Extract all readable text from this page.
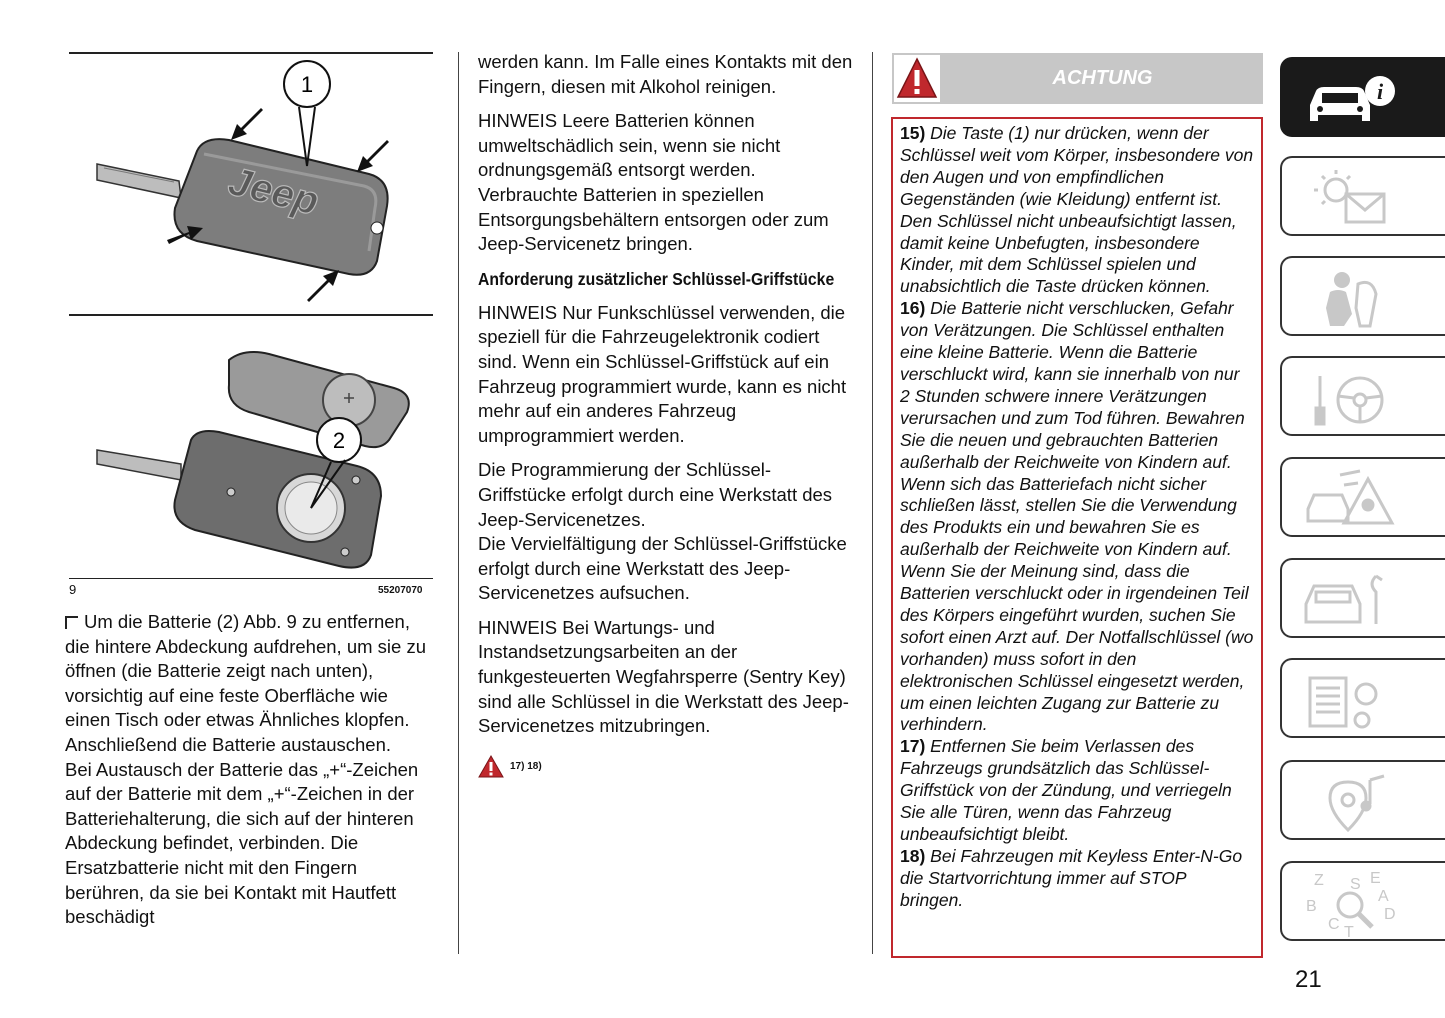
Jeep
1
2
9	55207070
Um die Batterie (2) Abb. 9 zu entfernen, die hintere Abdeckung aufdrehen, um sie zu öffnen (die Batterie zeigt nach unten), vorsichtig auf eine feste Oberfläche wie einen Tisch oder etwas Ähnliches klopfen. Anschließend die Batterie austauschen.
Bei Austausch der Batterie das „+“-Zeichen auf der Batterie mit dem „+“-Zeichen in der Batteriehalterung, die sich auf der hinteren Abdeckung befindet, verbinden. Die Ersatzbatterie nicht mit den Fingern berühren, da sie bei Kontakt mit Hautfett beschädigt

werden kann. Im Falle eines Kontakts mit den Fingern, diesen mit Alkohol reinigen.

HINWEIS Leere Batterien können umweltschädlich sein, wenn sie nicht ordnungsgemäß entsorgt werden. Verbrauchte Batterien in speziellen Entsorgungsbehältern entsorgen oder zum Jeep-Servicenetz bringen.

Anforderung zusätzlicher Schlüssel-Griffstücke

HINWEIS Nur Funkschlüssel verwenden, die speziell für die Fahrzeugelektronik codiert sind. Wenn ein Schlüssel-Griffstück auf ein Fahrzeug programmiert wurde, kann es nicht mehr auf ein anderes Fahrzeug umprogrammiert werden.

Die Programmierung der Schlüssel-Griffstücke erfolgt durch eine Werkstatt des Jeep-Servicenetzes.

Die Vervielfältigung der Schlüssel-Griffstücke erfolgt durch eine Werkstatt des Jeep-Servicenetzes aufsuchen.

HINWEIS Bei Wartungs- und Instandsetzungsarbeiten an der funkgesteuerten Wegfahrsperre (Sentry Key) sind alle Schlüssel in die Werkstatt des Jeep-Servicenetzes mitzubringen.

17) 18)
ACHTUNG

15) Die Taste (1) nur drücken, wenn der Schlüssel weit vom Körper, insbesondere von den Augen und von empfindlichen Gegenständen (wie Kleidung) entfernt ist. Den Schlüssel nicht unbeaufsichtigt lassen, damit keine Unbefugten, insbesondere Kinder, mit dem Schlüssel spielen und unabsichtlich die Taste drücken können.

16) Die Batterie nicht verschlucken, Gefahr von Verätzungen. Die Schlüssel enthalten eine kleine Batterie. Wenn die Batterie verschluckt wird, kann sie innerhalb von nur 2 Stunden schwere innere Verätzungen verursachen und zum Tod führen. Bewahren Sie die neuen und gebrauchten Batterien außerhalb der Reichweite von Kindern auf. Wenn sich das Batteriefach nicht sicher schließen lässt, stellen Sie die Verwendung des Produkts ein und bewahren Sie es außerhalb der Reichweite von Kindern auf. Wenn Sie der Meinung sind, dass die Batterien verschluckt oder in irgendeinen Teil des Körpers eingeführt wurden, suchen Sie sofort einen Arzt auf. Der Notfallschlüssel (wo vorhanden) muss sofort in den elektronischen Schlüssel eingesetzt werden, um einen leichten Zugang zur Batterie zu verhindern.

17) Entfernen Sie beim Verlassen des Fahrzeugs grundsätzlich das Schlüssel-Griffstück von der Zündung, und verriegeln Sie alle Türen, wenn das Fahrzeug unbeaufsichtigt bleibt.

18) Bei Fahrzeugen mit Keyless Enter-N-Go die Startvorrichtung immer auf STOP bringen.

i
Z	E
S
A
B	D
C T
21
